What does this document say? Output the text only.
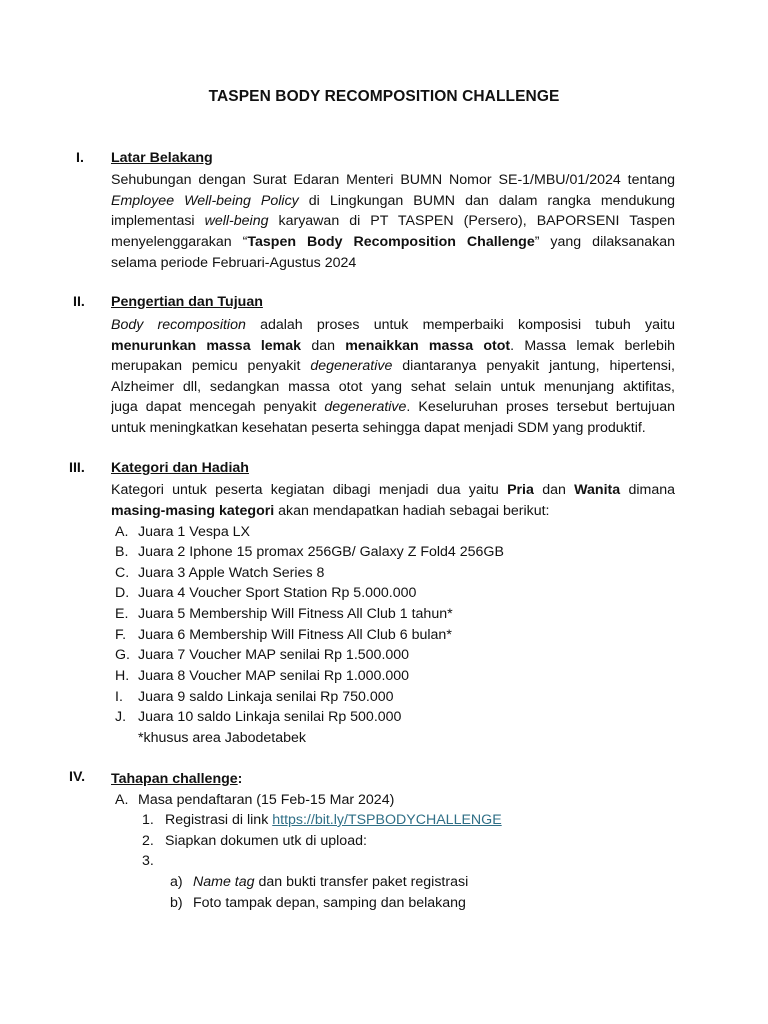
TASPEN BODY RECOMPOSITION CHALLENGE
I.	Latar Belakang
Sehubungan dengan Surat Edaran Menteri BUMN Nomor SE-1/MBU/01/2024 tentang
Employee Well-being Policy di Lingkungan BUMN dan dalam rangka mendukung
implementasi well-being karyawan di PT TASPEN (Persero), BAPORSENI Taspen
menyelenggarakan “Taspen Body Recomposition Challenge” yang dilaksanakan
selama periode Februari-Agustus 2024
II.	Pengertian dan Tujuan
Body recomposition adalah proses untuk memperbaiki komposisi tubuh yaitu
menurunkan massa lemak dan menaikkan massa otot. Massa lemak berlebih
merupakan pemicu penyakit degenerative diantaranya penyakit jantung, hipertensi,
Alzheimer dll, sedangkan massa otot yang sehat selain untuk menunjang aktifitas,
juga dapat mencegah penyakit degenerative. Keseluruhan proses tersebut bertujuan
untuk meningkatkan kesehatan peserta sehingga dapat menjadi SDM yang produktif.
III.	Kategori dan Hadiah
Kategori untuk peserta kegiatan dibagi menjadi dua yaitu Pria dan Wanita dimana
masing-masing kategori akan mendapatkan hadiah sebagai berikut:
A. Juara 1 Vespa LX
B. Juara 2 Iphone 15 promax 256GB/ Galaxy Z Fold4 256GB
C. Juara 3 Apple Watch Series 8
D. Juara 4 Voucher Sport Station Rp 5.000.000
E. Juara 5 Membership Will Fitness All Club 1 tahun*
F. Juara 6 Membership Will Fitness All Club 6 bulan*
G. Juara 7 Voucher MAP senilai Rp 1.500.000
H. Juara 8 Voucher MAP senilai Rp 1.000.000
I. Juara 9 saldo Linkaja senilai Rp 750.000
J. Juara 10 saldo Linkaja senilai Rp 500.000
*khusus area Jabodetabek
IV.	Tahapan challenge:
A. Masa pendaftaran (15 Feb-15 Mar 2024)
1. Registrasi di link https://bit.ly/TSPBODYCHALLENGE
2. Siapkan dokumen utk di upload:
3.
a) Name tag dan bukti transfer paket registrasi
b) Foto tampak depan, samping dan belakang
